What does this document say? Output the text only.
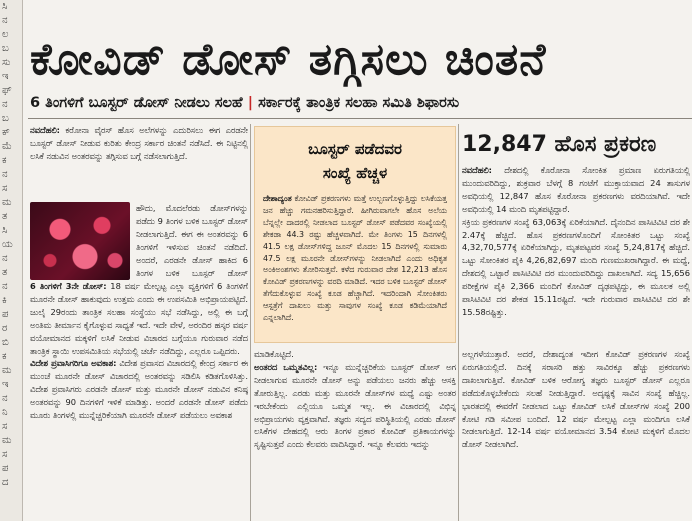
ಸಿ
ನ
ಲ
ಬ
ಸು
ಇ
ಫ್
ನ
ಬ
ಕ್
ಮೆ
ಕ
ನ
ಸ
ಮ
ತ
ಸಿ
ಯ
ನ
ತ
ನ
ಕಿ
ಪ
ರ
ಬಿ
ಕ
ಮ
ಇ
ನ
ನಿ
ಸ
ಮ
ಸ
ಪ
ದ
ಕೋವಿಡ್ ಡೋಸ್ ತಗ್ಗಿಸಲು ಚಿಂತನೆ
6 ತಿಂಗಳಿಗೆ ಬೂಸ್ಟರ್ ಡೋಸ್ ನೀಡಲು ಸಲಹೆ | ಸರ್ಕಾರಕ್ಕೆ ತಾಂತ್ರಿಕ ಸಲಹಾ ಸಮಿತಿ ಶಿಫಾರಸು

ನವದೆಹಲಿ: ಕರೋನಾ ವೈರಸ್ ಹೊಸ ಅಲೆಗಳನ್ನು ಎದುರಿಸಲು ಈಗ ಎರಡನೇ ಬೂಸ್ಟರ್ ಡೋಸ್ ನೀಡುವ ಕುರಿತು ಕೇಂದ್ರ ಸರ್ಕಾರ ಚಿಂತನೆ ನಡೆಸಿದೆ. ಈ ನಿಟ್ಟಿನಲ್ಲಿ ಲಸಿಕೆ ನಡುವಿನ ಅಂತರವನ್ನು ತಗ್ಗಿಸುವ ಬಗ್ಗೆ ನಡೆಸಲಾಗುತ್ತಿದೆ.

ಹೌದು, ಮೊದಲೆರಡು ಡೋಸ್‌ಗಳನ್ನು ಪಡೆದು 9 ತಿಂಗಳ ಬಳಿಕ ಬೂಸ್ಟರ್ ಡೋಸ್ ನೀಡಲಾಗುತ್ತಿದೆ. ಈಗ ಈ ಅಂತರವನ್ನು 6 ತಿಂಗಳಿಗೆ ಇಳಿಸುವ ಚಿಂತನೆ ನಡೆದಿದೆ. ಅಂದರೆ, ಎರಡನೇ ಡೋಸ್ ಹಾಕಿದ 6 ತಿಂಗಳ ಬಳಿಕ ಬೂಸ್ಟರ್ ಡೋಸ್

6 ತಿಂಗಳಿಗೆ 3ನೇ ಡೋಸ್: 18 ವರ್ಷ ಮೇಲ್ಪಟ್ಟ ಎಲ್ಲಾ ವ್ಯಕ್ತಿಗಳಿಗೆ 6 ತಿಂಗಳಿಗೆ ಮೂರನೇ ಡೋಸ್ ಹಾಕುವುದು ಉತ್ತಮ ಎಂದು ಈ ಉಪಸಮಿತಿ ಅಭಿಪ್ರಾಯಪಟ್ಟಿದೆ. ಜುಲೈ 29ರಂದು ತಾಂತ್ರಿಕ ಸಲಹಾ ಸಂಸ್ಥೆಯು ಸಭೆ ನಡೆಸಿದ್ದು, ಅಲ್ಲಿ ಈ ಬಗ್ಗೆ ಅಂತಿಮ ತೀರ್ಮಾನ ಕೈಗೊಳ್ಳುವ ಸಾಧ್ಯತೆ ಇದೆ. ಇದೇ ವೇಳೆ, ಅರಂದಿರ ಹಸ್ಕರ ವರ್ಷ ವಯೋಮಾನದ ಮಕ್ಕಳಿಗೆ ಲಸಿಕೆ ನೀಡುವ ವಿಚಾರದ ಬಗ್ಗೆಯೂ ಗುರುವಾರ ನಡೆದ ತಾಂತ್ರಿಕ ಸ್ಥಾಯಿ ಉಪಸಮಿತಿಯ ಸಭೆಯಲ್ಲಿ ಚರ್ಚೆ ನಡೆದಿದ್ದು, ಎಲ್ಲರೂ ಒಪ್ಪಿದರು.

ವಿದೇಶ ಪ್ರವಾಸಿಗರಿಗೂ ಅವಕಾಶ: ವಿದೇಶ ಪ್ರವಾಸದ ವಿಚಾರದಲ್ಲಿ ಕೇಂದ್ರ ಸರ್ಕಾರ ಈ ಮುಂಚೆ ಮೂರನೇ ಡೋಸ್ ವಿಚಾರದಲ್ಲಿ ಅಂತರವನ್ನು ಸಡಿಲಿಸಿ ಕಡಿತಗೊಳಿಸಿತ್ತು. ವಿದೇಶ ಪ್ರವಾಸಿಗರು ಎರಡನೇ ಡೋಸ್ ಮತ್ತು ಮೂರನೇ ಡೋಸ್ ನಡುವಿನ ಕನಿಷ್ಠ ಅಂತರವನ್ನು 90 ದಿನಗಳಿಗೆ ಇಳಿಕೆ ಮಾಡಿತ್ತು. ಅಂದರೆ ಎರಡನೇ ಡೋಸ್ ಪಡೆದು ಮೂರು ತಿಂಗಳಲ್ಲಿ ಮುನ್ನೆಚ್ಚರಿಕೆಯಾಗಿ ಮೂರನೇ ಡೋಸ್ ಪಡೆಯಲು ಅವಕಾಶ

ಬೂಸ್ಟರ್ ಪಡೆದವರ
ಸಂಖ್ಯೆ ಹೆಚ್ಚಳ

ದೇಶಾದ್ಯಂತ ಕೋವಿಡ್ ಪ್ರಕರಣಗಳು ಮತ್ತೆ ಉಲ್ಬಣಗೊಳ್ಳುತ್ತಿದ್ದು ಲಸಿಕೆಯತ್ತ ಜನ ಹೆಚ್ಚು ಗಮನಹರಿಸುತ್ತಿದ್ದಾರೆ. ಹೀಗಿರುವಾಗಲೇ ಹೊಸ ಅಲೆಯ ಬೆನ್ನಲ್ಲೇ ದಾದರಲ್ಲಿ ನೀಡಲಾದ ಬೂಸ್ಟರ್ ಡೋಸ್ ಪಡೆದವರ ಸಂಖ್ಯೆಯಲ್ಲಿ ಶೇಕಡಾ 44.3 ರಷ್ಟು ಹೆಚ್ಚಳವಾಗಿದೆ. ಮೇ ತಿಂಗಳು 15 ದಿನಗಳಲ್ಲಿ 41.5 ಲಕ್ಷ ಡೋಸ್‌ಗಳಿದ್ದ ಜೂನ್ ಮೊದಲ 15 ದಿನಗಳಲ್ಲಿ ಸುಮಾರು 47.5 ಲಕ್ಷ ಮೂರನೇ ಡೋಸ್‌ಗಳನ್ನು ನೀಡಲಾಗಿದೆ ಎಂದು ಅಧಿಕೃತ ಅಂಕಿಅಂಶಗಳು ತೋರಿಸುತ್ತವೆ. ಕಳೆದ ಗುರುವಾರ ದೇಶ 12,213 ಹೊಸ ಕೋವಿಡ್ ಪ್ರಕರಣಗಳನ್ನು ವರದಿ ಮಾಡಿದೆ. ಇದರ ಬಳಿಕ ಬೂಸ್ಟರ್ ಡೋಸ್ ತೆಗೆದುಕೊಳ್ಳುವ ಸಂಖ್ಯೆ ಕೂಡ ಹೆಚ್ಚಾಗಿದೆ. ಇದರಿಂದಾಗಿ ಸೋಂಕಿತರು ಆಸ್ಪತ್ರೆಗೆ ದಾಖಲು ಮತ್ತು ಸಾವುಗಳ ಸಂಖ್ಯೆ ಕೂಡ ಕಡಿಮೆಯಾಗಿದೆ ಎನ್ನಲಾಗಿದೆ.

ಮಾಡಿಕೊಟ್ಟಿದೆ.

ಅಂತರದ ಒಮ್ಮತವಿಲ್ಲ: ಇನ್ನೂ ಮುನ್ನೆಚ್ಚರಿಕೆಯ ಬೂಸ್ಟರ್ ಡೋಸ್ ಅಗ ನೀಡಲಾಗುವ ಮೂರನೇ ಡೋಸ್ ಅನ್ನು ಪಡೆಯಲು ಜನರು ಹೆಚ್ಚು ಆಸಕ್ತಿ ತೋರುತ್ತಿಲ್ಲ. ಎರಡು ಮತ್ತು ಮೂರನೇ ಡೋಸ್‌ಗಳ ಮಧ್ಯೆ ಎಷ್ಟು ಅಂತರ ಇರಬೇಕೆಂದು ಎಲ್ಲಿಯೂ ಒಮ್ಮತ ಇಲ್ಲ. ಈ ವಿಚಾರದಲ್ಲಿ ವಿಭಿನ್ನ ಅಭಿಪ್ರಾಯಗಳು ವ್ಯಕ್ತವಾಗಿವೆ. ತಜ್ಞರು ಸದ್ಯದ ಪರಿಸ್ಥಿತಿಯಲ್ಲಿ ಎರಡು ಡೋಸ್ ಲಸಿಕೆಗಳ ದೇಹದಲ್ಲಿ ಆರು ತಿಂಗಳ ಪ್ರಕಾರ ಕೋವಿಡ್ ಪ್ರತಿಕಾಯಗಳನ್ನು ಸೃಷ್ಟಿಸುತ್ತವೆ ಎಂದು ಕೆಲವರು ವಾದಿಸಿದ್ದಾರೆ. ಇನ್ನೂ ಕೆಲವರು ಇದನ್ನು

12,847 ಹೊಸ ಪ್ರಕರಣ

ನವದೆಹಲಿ: ದೇಶದಲ್ಲಿ ಕೊರೋನಾ ಸೋಂಕಿತ ಪ್ರಮಾಣ ಏರುಗತಿಯಲ್ಲಿ ಮುಂದುವರಿದಿದ್ದು, ಶುಕ್ರವಾರ ಬೆಳಗ್ಗೆ 8 ಗಂಟೆಗೆ ಮುಕ್ತಾಯವಾದ 24 ತಾಸುಗಳ ಅವಧಿಯಲ್ಲಿ 12,847 ಹೊಸ ಕೊರೋನಾ ಪ್ರಕರಣಗಳು ವರದಿಯಾಗಿವೆ. ಇದೇ ಅವಧಿಯಲ್ಲಿ 14 ಮಂದಿ ಮೃತಪಟ್ಟಿದ್ದಾರೆ.

ಸಕ್ರಿಯ ಪ್ರಕರಣಗಳ ಸಂಖ್ಯೆ 63,063ಕ್ಕೆ ಏರಿಕೆಯಾಗಿದೆ. ದೈನಂದಿನ ಪಾಸಿಟಿವಿಟಿ ದರ ಶೇ 2.47ಕ್ಕೆ ಹೆಚ್ಚಿದೆ. ಹೊಸ ಪ್ರಕರಣಗಳೊಂದಿಗೆ ಸೋಂಕಿತರ ಒಟ್ಟು ಸಂಖ್ಯೆ 4,32,70,577ಕ್ಕೆ ಏರಿಕೆಯಾಗಿದ್ದು, ಮೃತಪಟ್ಟವರ ಸಂಖ್ಯೆ 5,24,817ಕ್ಕೆ ಹೆಚ್ಚಿದೆ. ಒಟ್ಟು ಸೋಂಕಿತರ ಪೈಕಿ 4,26,82,697 ಮಂದಿ ಗುಣಮುಖರಾಗಿದ್ದಾರೆ. ಈ ಮಧ್ಯೆ, ದೇಶದಲ್ಲಿ ಒಟ್ಟಾರೆ ಪಾಸಿಟಿವಿಟಿ ದರ ಮುಂದುವರಿದಿದ್ದು ದಾಖಲಾಗಿದೆ. ಸದ್ಯ 15,656 ಪರೀಕ್ಷೆಗಳ ಪೈಕಿ 2,366 ಮಂದಿಗೆ ಕೋವಿಡ್ ದೃಢಪಟ್ಟಿದ್ದು, ಈ ಮೂಲಕ ಅಲ್ಲಿ ಪಾಸಿಟಿವಿಟಿ ದರ ಶೇಕಡ 15.11ರಷ್ಟಿದೆ. ಇದೇ ಗುರುವಾರ ಪಾಸಿಟಿವಿಟಿ ದರ ಶೇ 15.58ರಷ್ಟಿತ್ತು.

ಅಲ್ಲಗಳೆಯುತ್ತಾರೆ. ಅದರೆ, ದೇಶಾದ್ಯಂತ ಇದೀಗ ಕೋವಿಡ್ ಪ್ರಕರಣಗಳ ಸಂಖ್ಯೆ ಏರುಗತಿಯಲ್ಲಿದೆ. ದಿನಕ್ಕೆ ಸರಾಸರಿ ಹತ್ತು ಸಾವಿರಕ್ಕೂ ಹೆಚ್ಚು ಪ್ರಕರಣಗಳು ದಾಖಲಾಗುತ್ತಿವೆ. ಕೋವಿಡ್ ಬಳಿಕ ಆರೋಗ್ಯ ತಜ್ಞರು ಬೂಸ್ಟರ್ ಡೋಸ್ ಎಲ್ಲರೂ ಪಡೆದುಕೊಳ್ಳಬೇಕೆಂದು ಸಲಹೆ ನೀಡುತ್ತಿದ್ದಾರೆ. ಅದೃಷ್ಟಕ್ಕೆ ಸಾವಿನ ಸಂಖ್ಯೆ ಹೆಚ್ಚಿಲ್ಲ. ಭಾರತದಲ್ಲಿ ಈವರೆಗೆ ನೀಡಲಾದ ಒಟ್ಟು ಕೋವಿಡ್ ಲಸಿಕೆ ಡೋಸ್‌ಗಳ ಸಂಖ್ಯೆ 200 ಕೋಟಿ ಗಡಿ ಸಮೀಪ ಬಂದಿದೆ. 12 ವರ್ಷ ಮೇಲ್ಪಟ್ಟ ಎಲ್ಲಾ ಮಂದಿಗೂ ಲಸಿಕೆ ನೀಡಲಾಗುತ್ತಿದೆ. 12-14 ವರ್ಷ ವಯೋಮಾನದ 3.54 ಕೋಟಿ ಮಕ್ಕಳಿಗೆ ಮೊದಲ ಡೋಸ್ ನೀಡಲಾಗಿದೆ.
